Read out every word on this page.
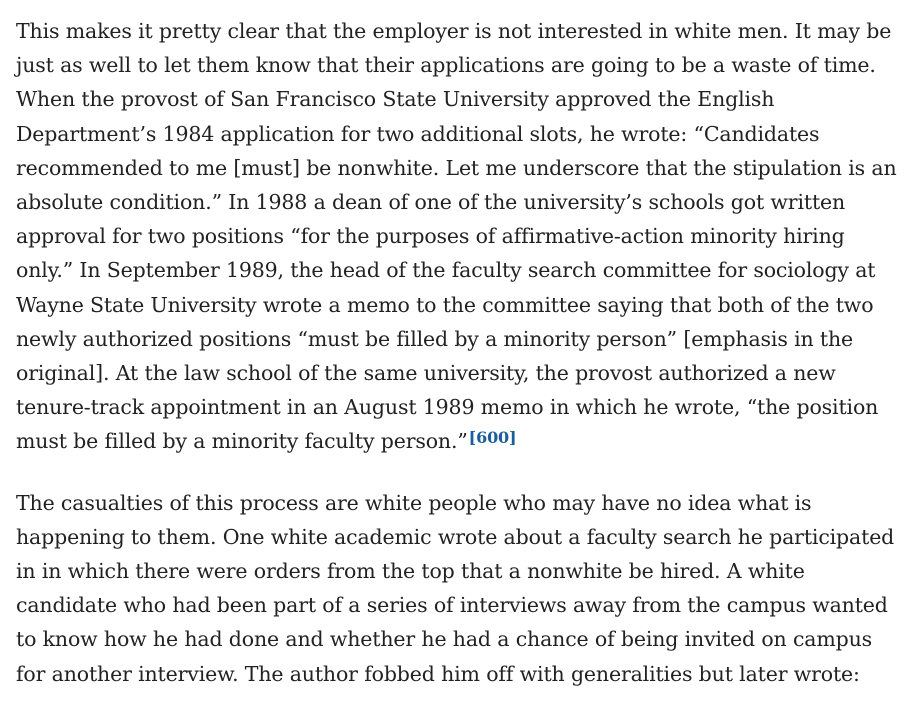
This makes it pretty clear that the employer is not interested in white men. It may be just as well to let them know that their applications are going to be a waste of time. When the provost of San Francisco State University approved the English Department’s 1984 application for two additional slots, he wrote: “Candidates recommended to me [must] be nonwhite. Let me underscore that the stipulation is an absolute condition.” In 1988 a dean of one of the university’s schools got written approval for two positions “for the purposes of affirmative-action minority hiring only.” In September 1989, the head of the faculty search committee for sociology at Wayne State University wrote a memo to the committee saying that both of the two newly authorized positions “must be filled by a minority person” [emphasis in the original]. At the law school of the same university, the provost authorized a new tenure-track appointment in an August 1989 memo in which he wrote, “the position must be filled by a minority faculty person.”[600]

The casualties of this process are white people who may have no idea what is happening to them. One white academic wrote about a faculty search he participated in in which there were orders from the top that a nonwhite be hired. A white candidate who had been part of a series of interviews away from the campus wanted to know how he had done and whether he had a chance of being invited on campus for another interview. The author fobbed him off with generalities but later wrote:
